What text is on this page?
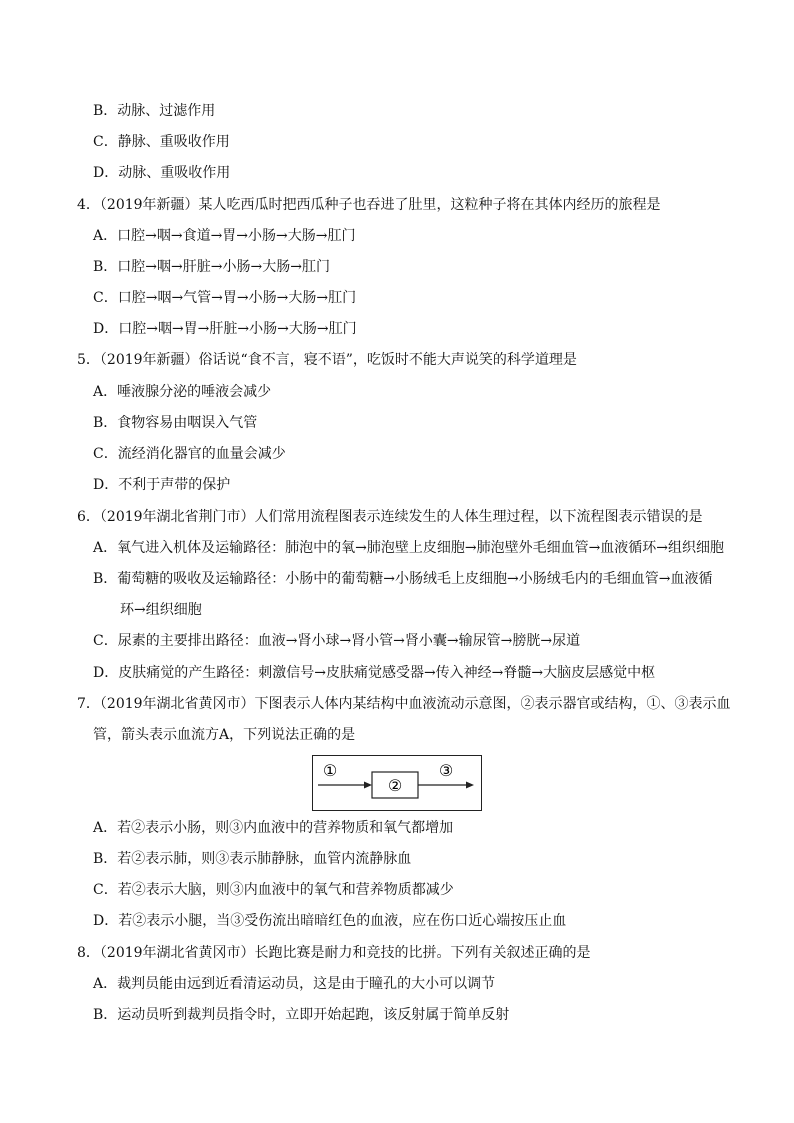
B．动脉、过滤作用
C．静脉、重吸收作用
D．动脉、重吸收作用
4．（2019年新疆）某人吃西瓜时把西瓜种子也吞进了肚里，这粒种子将在其体内经历的旅程是
A．口腔→咽→食道→胃→小肠→大肠→肛门
B．口腔→咽→肝脏→小肠→大肠→肛门
C．口腔→咽→气管→胃→小肠→大肠→肛门
D．口腔→咽→胃→肝脏→小肠→大肠→肛门
5．（2019年新疆）俗话说“食不言，寝不语”，吃饭时不能大声说笑的科学道理是
A．唾液腺分泌的唾液会减少
B．食物容易由咽误入气管
C．流经消化器官的血量会减少
D．不利于声带的保护
6．（2019年湖北省荆门市）人们常用流程图表示连续发生的人体生理过程，以下流程图表示错误的是
A．氧气进入机体及运输路径：肺泡中的氧→肺泡壁上皮细胞→肺泡壁外毛细血管→血液循环→组织细胞
B．葡萄糖的吸收及运输路径：小肠中的葡萄糖→小肠绒毛上皮细胞→小肠绒毛内的毛细血管→血液循
环→组织细胞
C．尿素的主要排出路径：血液→肾小球→肾小管→肾小囊→输尿管→膀胱→尿道
D．皮肤痛觉的产生路径：刺激信号→皮肤痛觉感受器→传入神经→脊髓→大脑皮层感觉中枢
7．（2019年湖北省黄冈市）下图表示人体内某结构中血液流动示意图，②表示器官或结构，①、③表示血
管，箭头表示血流方A，下列说法正确的是
①
②
③
A．若②表示小肠，则③内血液中的营养物质和氧气都增加
B．若②表示肺，则③表示肺静脉，血管内流静脉血
C．若②表示大脑，则③内血液中的氧气和营养物质都减少
D．若②表示小腿，当③受伤流出暗暗红色的血液，应在伤口近心端按压止血
8．（2019年湖北省黄冈市）长跑比赛是耐力和竞技的比拼。下列有关叙述正确的是
A．裁判员能由远到近看清运动员，这是由于瞳孔的大小可以调节
B．运动员听到裁判员指令时，立即开始起跑，该反射属于简单反射
